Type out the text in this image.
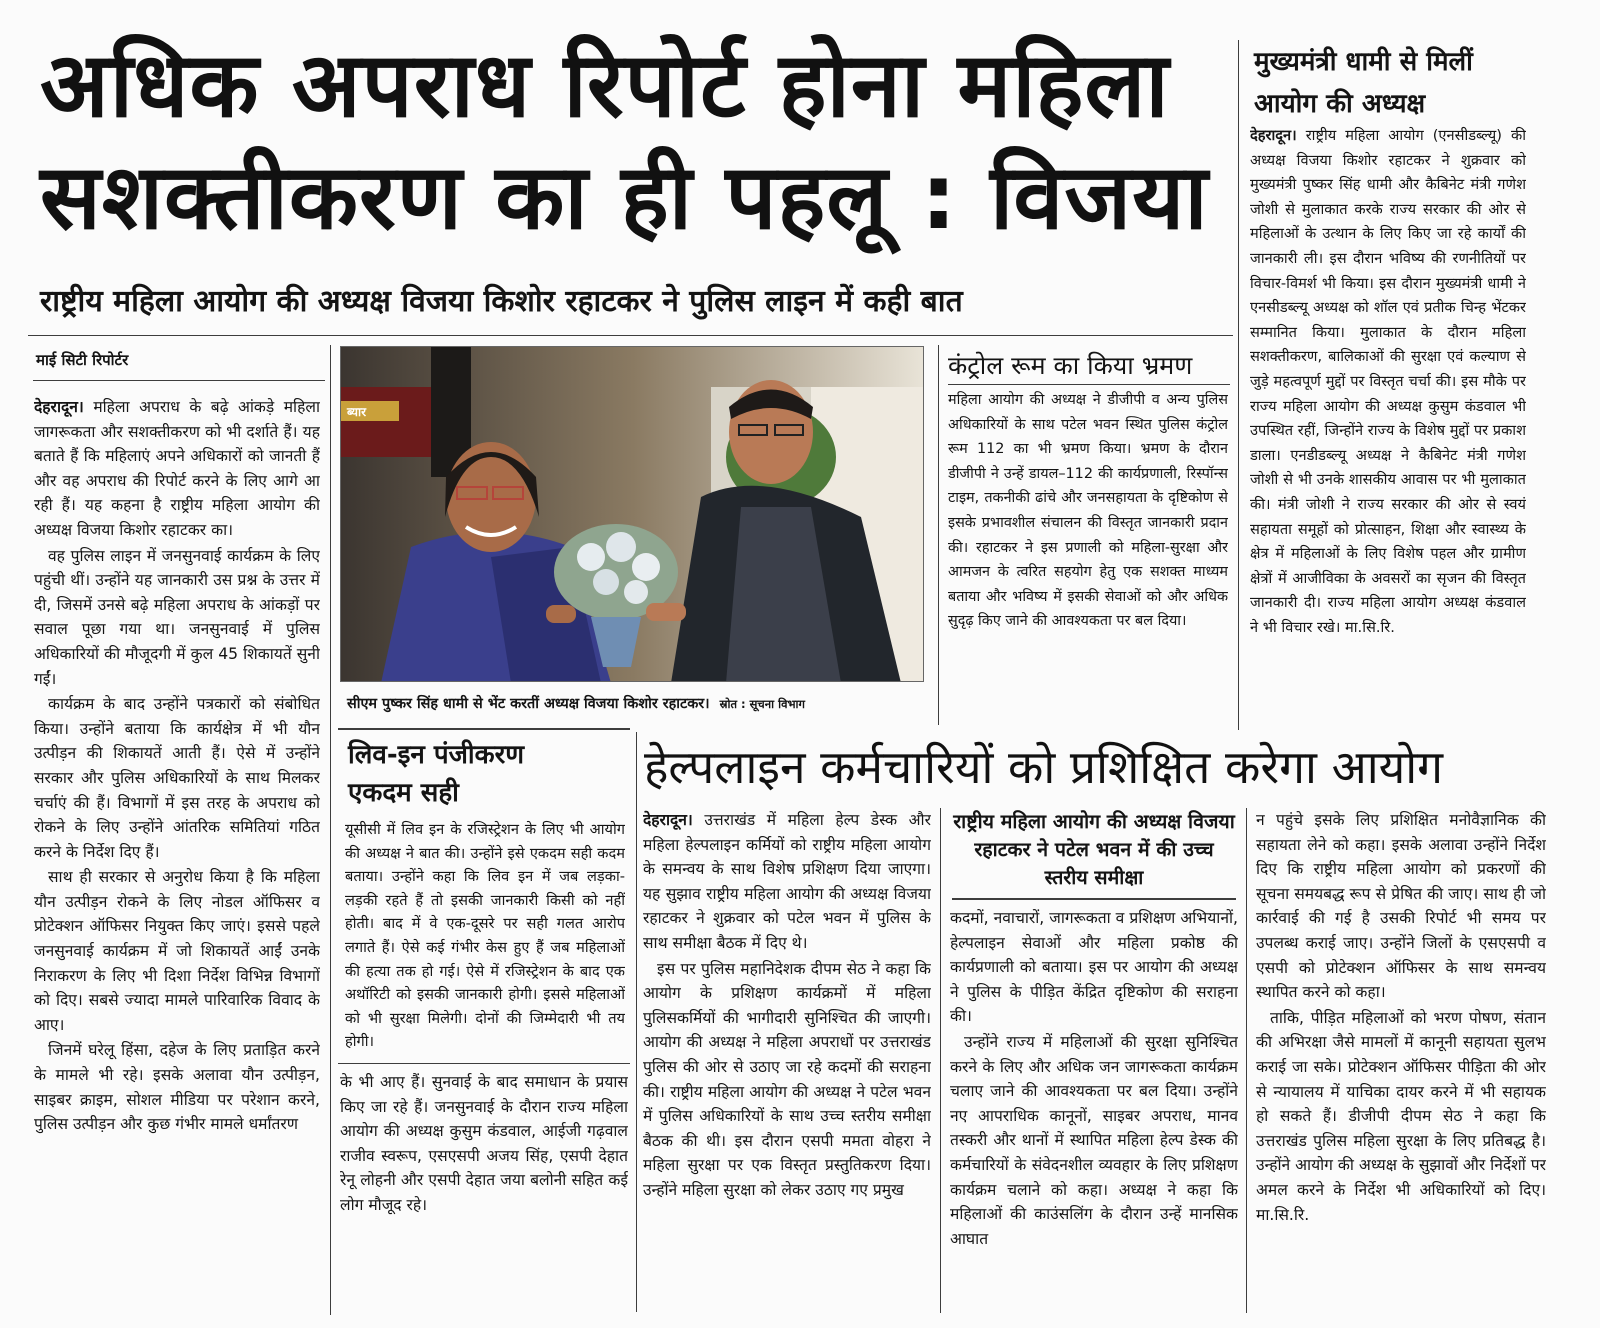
अधिक अपराध रिपोर्ट होना महिला
सशक्तीकरण का ही पहलू : विजया
राष्ट्रीय महिला आयोग की अध्यक्ष विजया किशोर रहाटकर ने पुलिस लाइन में कही बात
माई सिटी रिपोर्टर

देहरादून। महिला अपराध के बढ़े आंकड़े महिला जागरूकता और सशक्तीकरण को भी दर्शाते हैं। यह बताते हैं कि महिलाएं अपने अधिकारों को जानती हैं और वह अपराध की रिपोर्ट करने के लिए आगे आ रही हैं। यह कहना है राष्ट्रीय महिला आयोग की अध्यक्ष विजया किशोर रहाटकर का।

वह पुलिस लाइन में जनसुनवाई कार्यक्रम के लिए पहुंची थीं। उन्होंने यह जानकारी उस प्रश्न के उत्तर में दी, जिसमें उनसे बढ़े महिला अपराध के आंकड़ों पर सवाल पूछा गया था। जनसुनवाई में पुलिस अधिकारियों की मौजूदगी में कुल 45 शिकायतें सुनी गईं।

कार्यक्रम के बाद उन्होंने पत्रकारों को संबोधित किया। उन्होंने बताया कि कार्यक्षेत्र में भी यौन उत्पीड़न की शिकायतें आती हैं। ऐसे में उन्होंने सरकार और पुलिस अधिकारियों के साथ मिलकर चर्चाएं की हैं। विभागों में इस तरह के अपराध को रोकने के लिए उन्होंने आंतरिक समितियां गठित करने के निर्देश दिए हैं।

साथ ही सरकार से अनुरोध किया है कि महिला यौन उत्पीड़न रोकने के लिए नोडल ऑफिसर व प्रोटेक्शन ऑफिसर नियुक्त किए जाएं। इससे पहले जनसुनवाई कार्यक्रम में जो शिकायतें आईं उनके निराकरण के लिए भी दिशा निर्देश विभिन्न विभागों को दिए। सबसे ज्यादा मामले पारिवारिक विवाद के आए।

जिनमें घरेलू हिंसा, दहेज के लिए प्रताड़ित करने के मामले भी रहे। इसके अलावा यौन उत्पीड़न, साइबर क्राइम, सोशल मीडिया पर परेशान करने, पुलिस उत्पीड़न और कुछ गंभीर मामले धर्मांतरण

ब्यार
सीएम पुष्कर सिंह धामी से भेंट करतीं अध्यक्ष विजया किशोर रहाटकर। स्रोत : सूचना विभाग
कंट्रोल रूम का किया भ्रमण

महिला आयोग की अध्यक्ष ने डीजीपी व अन्य पुलिस अधिकारियों के साथ पटेल भवन स्थित पुलिस कंट्रोल रूम 112 का भी भ्रमण किया। भ्रमण के दौरान डीजीपी ने उन्हें डायल–112 की कार्यप्रणाली, रिस्पॉन्स टाइम, तकनीकी ढांचे और जनसहायता के दृष्टिकोण से इसके प्रभावशील संचालन की विस्तृत जानकारी प्रदान की। रहाटकर ने इस प्रणाली को महिला-सुरक्षा और आमजन के त्वरित सहयोग हेतु एक सशक्त माध्यम बताया और भविष्य में इसकी सेवाओं को और अधिक सुदृढ़ किए जाने की आवश्यकता पर बल दिया।

मुख्यमंत्री धामी से मिलीं
आयोग की अध्यक्ष

देहरादून। राष्ट्रीय महिला आयोग (एनसीडब्ल्यू) की अध्यक्ष विजया किशोर रहाटकर ने शुक्रवार को मुख्यमंत्री पुष्कर सिंह धामी और कैबिनेट मंत्री गणेश जोशी से मुलाकात करके राज्य सरकार की ओर से महिलाओं के उत्थान के लिए किए जा रहे कार्यों की जानकारी ली। इस दौरान भविष्य की रणनीतियों पर विचार-विमर्श भी किया। इस दौरान मुख्यमंत्री धामी ने एनसीडब्ल्यू अध्यक्ष को शॉल एवं प्रतीक चिन्ह भेंटकर सम्मानित किया। मुलाकात के दौरान महिला सशक्तीकरण, बालिकाओं की सुरक्षा एवं कल्याण से जुड़े महत्वपूर्ण मुद्दों पर विस्तृत चर्चा की। इस मौके पर राज्य महिला आयोग की अध्यक्ष कुसुम कंडवाल भी उपस्थित रहीं, जिन्होंने राज्य के विशेष मुद्दों पर प्रकाश डाला। एनडीडब्ल्यू अध्यक्ष ने कैबिनेट मंत्री गणेश जोशी से भी उनके शासकीय आवास पर भी मुलाकात की। मंत्री जोशी ने राज्य सरकार की ओर से स्वयं सहायता समूहों को प्रोत्साहन, शिक्षा और स्वास्थ्य के क्षेत्र में महिलाओं के लिए विशेष पहल और ग्रामीण क्षेत्रों में आजीविका के अवसरों का सृजन की विस्तृत जानकारी दी। राज्य महिला आयोग अध्यक्ष कंडवाल ने भी विचार रखे। मा.सि.रि.

लिव-इन पंजीकरण
एकदम सही

यूसीसी में लिव इन के रजिस्ट्रेशन के लिए भी आयोग की अध्यक्ष ने बात की। उन्होंने इसे एकदम सही कदम बताया। उन्होंने कहा कि लिव इन में जब लड़का-लड़की रहते हैं तो इसकी जानकारी किसी को नहीं होती। बाद में वे एक-दूसरे पर सही गलत आरोप लगाते हैं। ऐसे कई गंभीर केस हुए हैं जब महिलाओं की हत्या तक हो गई। ऐसे में रजिस्ट्रेशन के बाद एक अथॉरिटी को इसकी जानकारी होगी। इससे महिलाओं को भी सुरक्षा मिलेगी। दोनों की जिम्मेदारी भी तय होगी।

के भी आए हैं। सुनवाई के बाद समाधान के प्रयास किए जा रहे हैं। जनसुनवाई के दौरान राज्य महिला आयोग की अध्यक्ष कुसुम कंडवाल, आईजी गढ़वाल राजीव स्वरूप, एसएसपी अजय सिंह, एसपी देहात रेनू लोहनी और एसपी देहात जया बलोनी सहित कई लोग मौजूद रहे।

हेल्पलाइन कर्मचारियों को प्रशिक्षित करेगा आयोग

देहरादून। उत्तराखंड में महिला हेल्प डेस्क और महिला हेल्पलाइन कर्मियों को राष्ट्रीय महिला आयोग के समन्वय के साथ विशेष प्रशिक्षण दिया जाएगा। यह सुझाव राष्ट्रीय महिला आयोग की अध्यक्ष विजया रहाटकर ने शुक्रवार को पटेल भवन में पुलिस के साथ समीक्षा बैठक में दिए थे।

इस पर पुलिस महानिदेशक दीपम सेठ ने कहा कि आयोग के प्रशिक्षण कार्यक्रमों में महिला पुलिसकर्मियों की भागीदारी सुनिश्चित की जाएगी। आयोग की अध्यक्ष ने महिला अपराधों पर उत्तराखंड पुलिस की ओर से उठाए जा रहे कदमों की सराहना की। राष्ट्रीय महिला आयोग की अध्यक्ष ने पटेल भवन में पुलिस अधिकारियों के साथ उच्च स्तरीय समीक्षा बैठक की थी। इस दौरान एसपी ममता वोहरा ने महिला सुरक्षा पर एक विस्तृत प्रस्तुतिकरण दिया। उन्होंने महिला सुरक्षा को लेकर उठाए गए प्रमुख

राष्ट्रीय महिला आयोग की अध्यक्ष विजया रहाटकर ने पटेल भवन में की उच्च स्तरीय समीक्षा

कदमों, नवाचारों, जागरूकता व प्रशिक्षण अभियानों, हेल्पलाइन सेवाओं और महिला प्रकोष्ठ की कार्यप्रणाली को बताया। इस पर आयोग की अध्यक्ष ने पुलिस के पीड़ित केंद्रित दृष्टिकोण की सराहना की।

उन्होंने राज्य में महिलाओं की सुरक्षा सुनिश्चित करने के लिए और अधिक जन जागरूकता कार्यक्रम चलाए जाने की आवश्यकता पर बल दिया। उन्होंने नए आपराधिक कानूनों, साइबर अपराध, मानव तस्करी और थानों में स्थापित महिला हेल्प डेस्क की कर्मचारियों के संवेदनशील व्यवहार के लिए प्रशिक्षण कार्यक्रम चलाने को कहा। अध्यक्ष ने कहा कि महिलाओं की काउंसलिंग के दौरान उन्हें मानसिक आघात

न पहुंचे इसके लिए प्रशिक्षित मनोवैज्ञानिक की सहायता लेने को कहा। इसके अलावा उन्होंने निर्देश दिए कि राष्ट्रीय महिला आयोग को प्रकरणों की सूचना समयबद्ध रूप से प्रेषित की जाए। साथ ही जो कार्रवाई की गई है उसकी रिपोर्ट भी समय पर उपलब्ध कराई जाए। उन्होंने जिलों के एसएसपी व एसपी को प्रोटेक्शन ऑफिसर के साथ समन्वय स्थापित करने को कहा।

ताकि, पीड़ित महिलाओं को भरण पोषण, संतान की अभिरक्षा जैसे मामलों में कानूनी सहायता सुलभ कराई जा सके। प्रोटेक्शन ऑफिसर पीड़िता की ओर से न्यायालय में याचिका दायर करने में भी सहायक हो सकते हैं। डीजीपी दीपम सेठ ने कहा कि उत्तराखंड पुलिस महिला सुरक्षा के लिए प्रतिबद्ध है। उन्होंने आयोग की अध्यक्ष के सुझावों और निर्देशों पर अमल करने के निर्देश भी अधिकारियों को दिए। मा.सि.रि.
